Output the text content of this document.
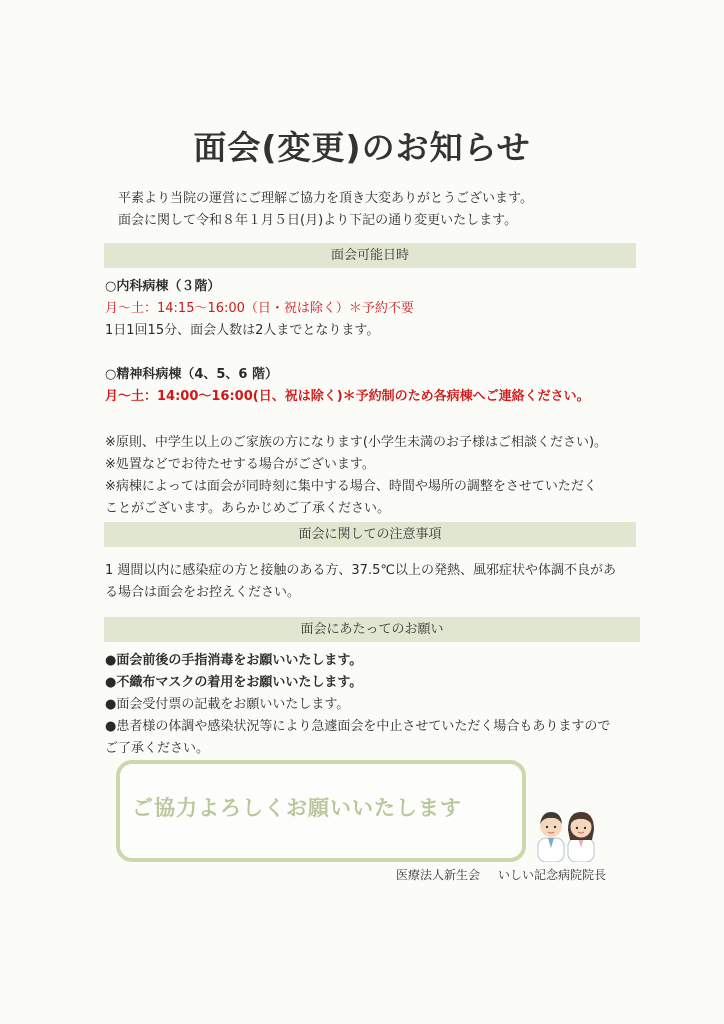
面会(変更)のお知らせ
平素より当院の運営にご理解ご協力を頂き大変ありがとうございます。
面会に関して令和８年１月５日(月)より下記の通り変更いたします。
面会可能日時
○内科病棟（３階）
月～土：14:15～16:00（日・祝は除く）＊予約不要
1日1回15分、面会人数は2人までとなります。
○精神科病棟（4、5、6 階）
月～土：14:00～16:00(日、祝は除く)＊予約制のため各病棟へご連絡ください。
※原則、中学生以上のご家族の方になります(小学生未満のお子様はご相談ください)。
※処置などでお待たせする場合がございます。
※病棟によっては面会が同時刻に集中する場合、時間や場所の調整をさせていただく
ことがございます。あらかじめご了承ください。
面会に関しての注意事項
1 週間以内に感染症の方と接触のある方、37.5℃以上の発熱、風邪症状や体調不良があ
る場合は面会をお控えください。
面会にあたってのお願い
●面会前後の手指消毒をお願いいたします。
●不織布マスクの着用をお願いいたします。
●面会受付票の記載をお願いいたします。
●患者様の体調や感染状況等により急遽面会を中止させていただく場合もありますので
ご了承ください。
ご協力よろしくお願いいたします
医療法人新生会 いしい記念病院院長
